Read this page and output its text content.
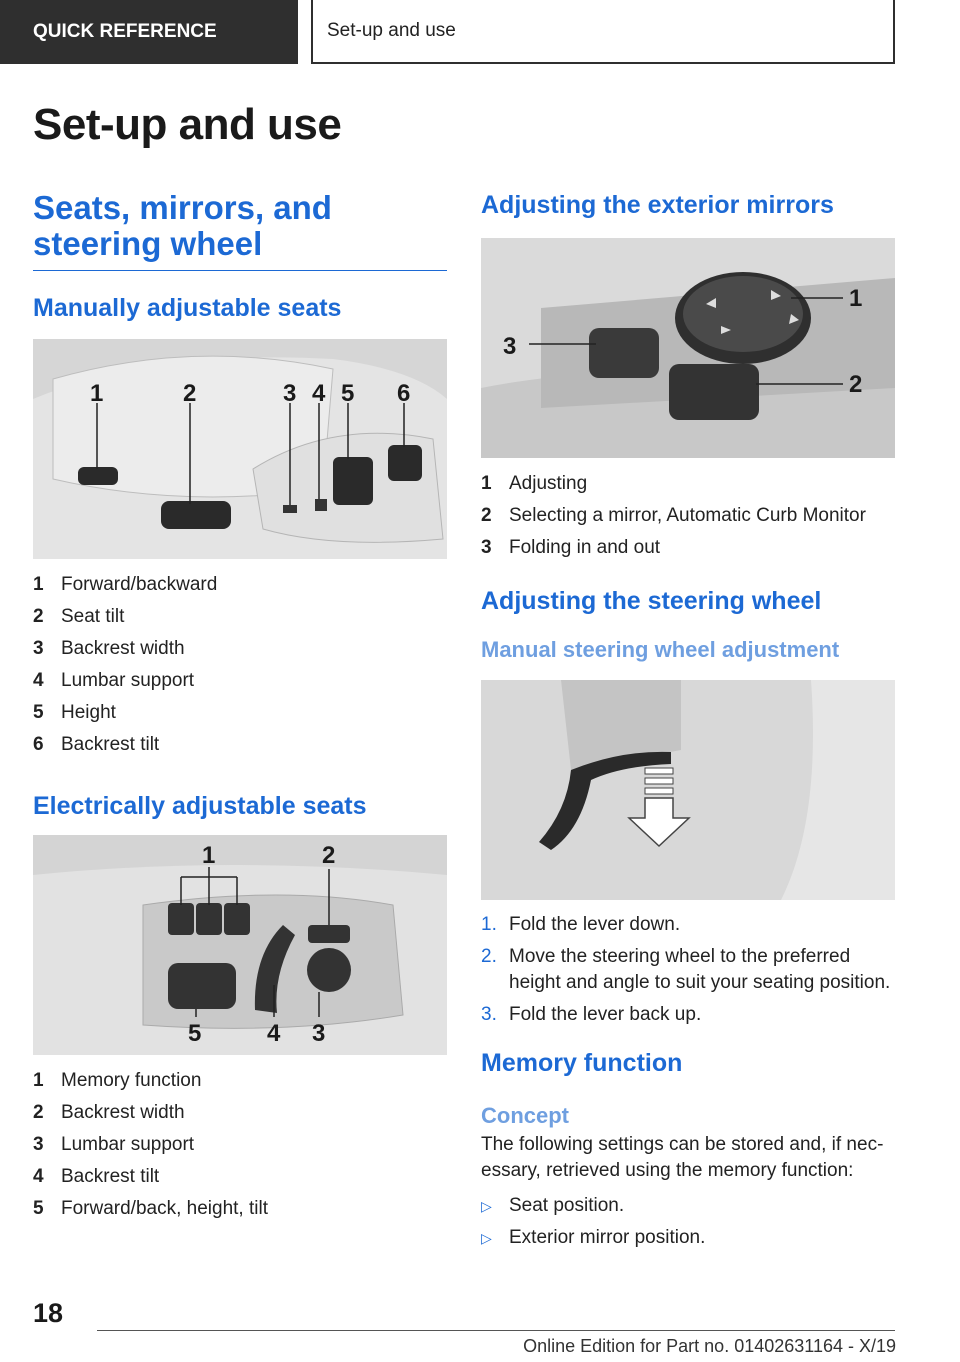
QUICK REFERENCE	Set-up and use
Set-up and use
Seats, mirrors, and steering wheel
Manually adjustable seats
1	2	3 4 5 6
1 Forward/backward
2 Seat tilt
3 Backrest width
4 Lumbar support
5 Height
6 Backrest tilt
Electrically adjustable seats
1	2
3
4
5
1 Memory function
2 Backrest width
3 Lumbar support
4 Backrest tilt
5 Forward/back, height, tilt
Adjusting the exterior mirrors
1
2
3
1 Adjusting
2 Selecting a mirror, Automatic Curb Monitor
3 Folding in and out
Adjusting the steering wheel
Manual steering wheel adjustment
1. Fold the lever down.
2. Move the steering wheel to the preferred height and angle to suit your seating position.
3. Fold the lever back up.
Memory function
Concept

The following settings can be stored and, if nec-essary, retrieved using the memory function:

▷ Seat position.
▷ Exterior mirror position.
18
Online Edition for Part no. 01402631164 - X/19
